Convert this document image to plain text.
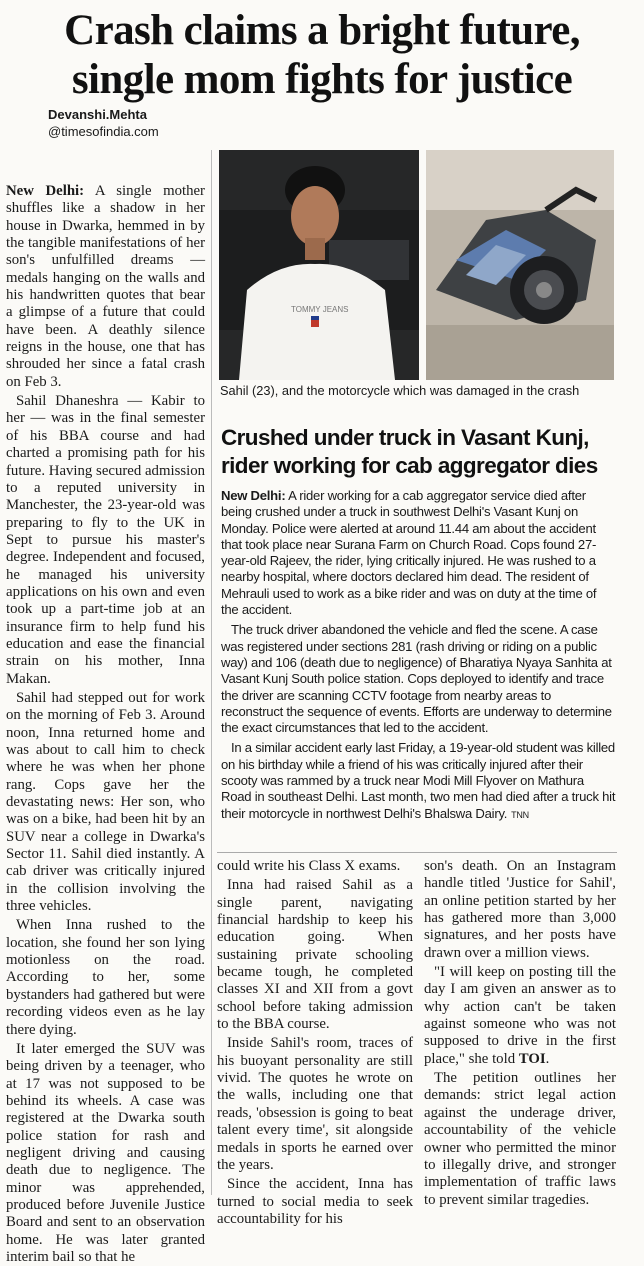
Crash claims a bright future,
single mom fights for justice
Devanshi.Mehta
@timesofindia.com

New Delhi: A single mother shuffles like a shadow in her house in Dwarka, hemmed in by the tangible manifestations of her son's unfulfilled dreams — medals hanging on the walls and his handwritten quotes that bear a glimpse of a future that could have been. A deathly silence reigns in the house, one that has shrouded her since a fatal crash on Feb 3.

Sahil Dhaneshra — Kabir to her — was in the final semester of his BBA course and had charted a promising path for his future. Having secured admission to a reputed university in Manchester, the 23-year-old was preparing to fly to the UK in Sept to pursue his master's degree. Independent and focused, he managed his university applications on his own and even took up a part-time job at an insurance firm to help fund his education and ease the financial strain on his mother, Inna Makan.

Sahil had stepped out for work on the morning of Feb 3. Around noon, Inna returned home and was about to call him to check where he was when her phone rang. Cops gave her the devastating news: Her son, who was on a bike, had been hit by an SUV near a college in Dwarka's Sector 11. Sahil died instantly. A cab driver was critically injured in the collision involving the three vehicles.

When Inna rushed to the location, she found her son lying motionless on the road. According to her, some bystanders had gathered but were recording videos even as he lay there dying.

It later emerged the SUV was being driven by a teenager, who at 17 was not supposed to be behind its wheels. A case was registered at the Dwarka south police station for rash and negligent driving and causing death due to negligence. The minor was apprehended, produced before Juvenile Justice Board and sent to an observation home. He was later granted interim bail so that he

TOMMY JEANS
Sahil (23), and the motorcycle which was damaged in the crash
Crushed under truck in Vasant Kunj,
rider working for cab aggregator dies

New Delhi: A rider working for a cab aggregator service died after being crushed under a truck in southwest Delhi's Vasant Kunj on Monday. Police were alerted at around 11.44 am about the accident that took place near Surana Farm on Church Road. Cops found 27-year-old Rajeev, the rider, lying critically injured. He was rushed to a nearby hospital, where doctors declared him dead. The resident of Mehrauli used to work as a bike rider and was on duty at the time of the accident.

The truck driver abandoned the vehicle and fled the scene. A case was registered under sections 281 (rash driving or riding on a public way) and 106 (death due to negligence) of Bharatiya Nyaya Sanhita at Vasant Kunj South police station. Cops deployed to identify and trace the driver are scanning CCTV footage from nearby areas to reconstruct the sequence of events. Efforts are underway to determine the exact circumstances that led to the accident.

In a similar accident early last Friday, a 19-year-old student was killed on his birthday while a friend of his was critically injured after their scooty was rammed by a truck near Modi Mill Flyover on Mathura Road in southeast Delhi. Last month, two men had died after a truck hit their motorcycle in northwest Delhi's Bhalswa Dairy. TNN

could write his Class X exams.

Inna had raised Sahil as a single parent, navigating financial hardship to keep his education going. When sustaining private schooling became tough, he completed classes XI and XII from a govt school before taking admission to the BBA course.

Inside Sahil's room, traces of his buoyant personality are still vivid. The quotes he wrote on the walls, including one that reads, 'obsession is going to beat talent every time', sit alongside medals in sports he earned over the years.

Since the accident, Inna has turned to social media to seek accountability for his

son's death. On an Instagram handle titled 'Justice for Sahil', an online petition started by her has gathered more than 3,000 signatures, and her posts have drawn over a million views.

"I will keep on posting till the day I am given an answer as to why action can't be taken against someone who was not supposed to drive in the first place," she told TOI.

The petition outlines her demands: strict legal action against the underage driver, accountability of the vehicle owner who permitted the minor to illegally drive, and stronger implementation of traffic laws to prevent similar tragedies.
